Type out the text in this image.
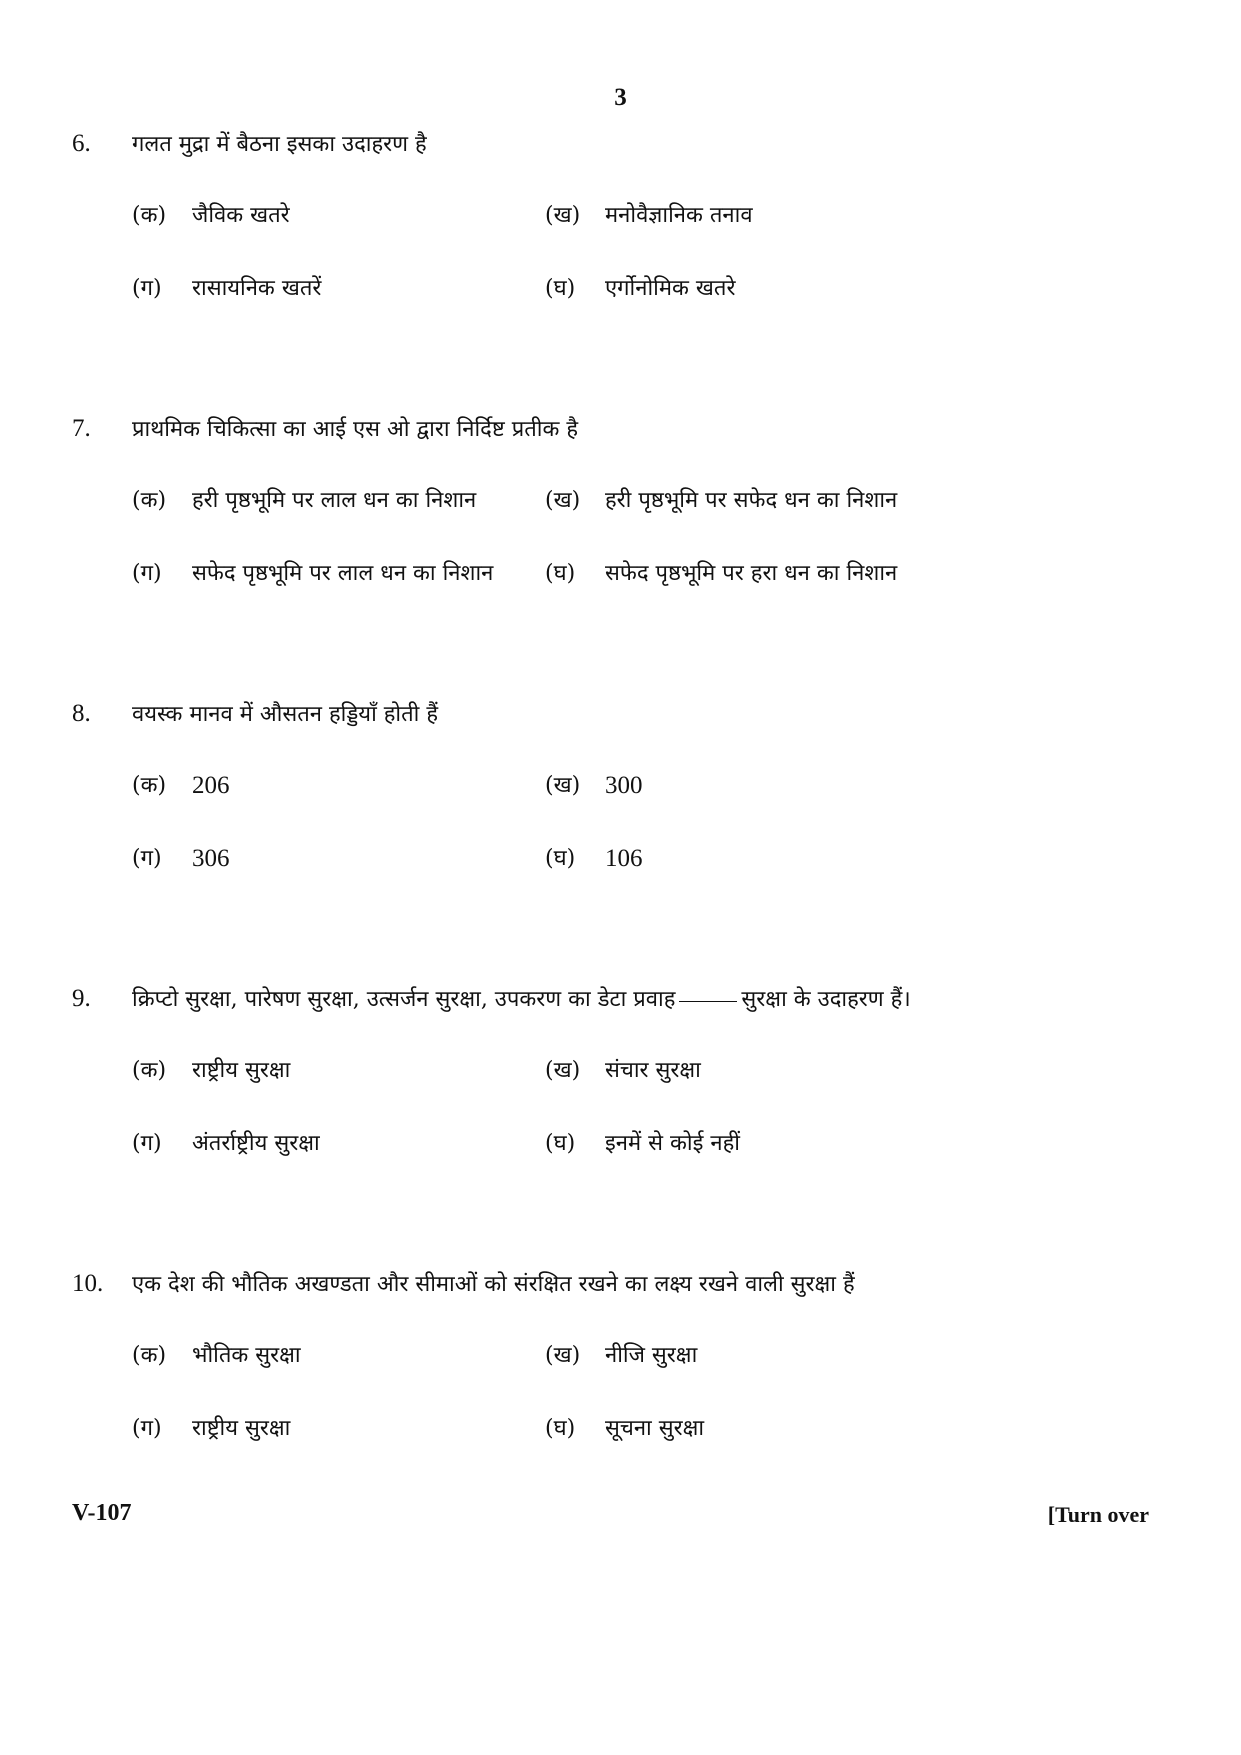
3
6. गलत मुद्रा में बैठना इसका उदाहरण है
(क) जैविक खतरे	(ख) मनोवैज्ञानिक तनाव
(ग) रासायनिक खतरें	(घ) एर्गोनोमिक खतरे
7. प्राथमिक चिकित्सा का आई एस ओ द्वारा निर्दिष्ट प्रतीक है
(क) हरी पृष्ठभूमि पर लाल धन का निशान	(ख) हरी पृष्ठभूमि पर सफेद धन का निशान
(ग) सफेद पृष्ठभूमि पर लाल धन का निशान (घ) सफेद पृष्ठभूमि पर हरा धन का निशान
8. वयस्क मानव में औसतन हड्डियाँ होती हैं
(क) 206	(ख) 300
(ग) 306	(घ) 106
9. क्रिप्टो सुरक्षा, पारेषण सुरक्षा, उत्सर्जन सुरक्षा, उपकरण का डेटा प्रवाह	सुरक्षा के उदाहरण हैं।
(क) राष्ट्रीय सुरक्षा	(ख) संचार सुरक्षा
(ग) अंतर्राष्ट्रीय सुरक्षा	(घ) इनमें से कोई नहीं
10. एक देश की भौतिक अखण्डता और सीमाओं को संरक्षित रखने का लक्ष्य रखने वाली सुरक्षा हैं
(क) भौतिक सुरक्षा	(ख) नीजि सुरक्षा
(ग) राष्ट्रीय सुरक्षा	(घ) सूचना सुरक्षा
V-107	[Turn over
